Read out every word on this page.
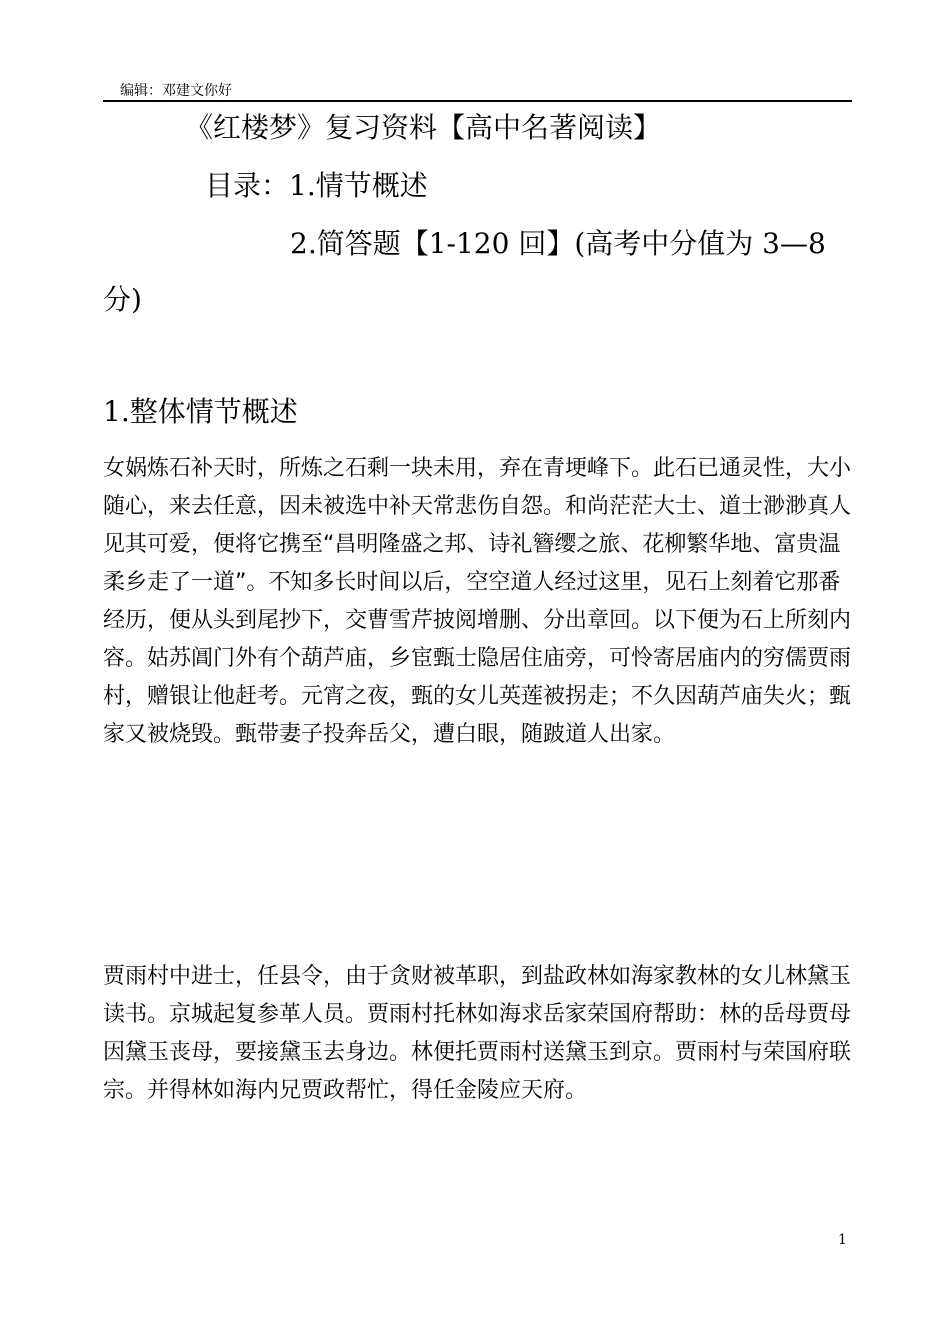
编辑：邓建文你好
《红楼梦》复习资料【高中名著阅读】
目录：1.情节概述
2.简答题【1-120 回】(高考中分值为 3—8
分)
1.整体情节概述
女娲炼石补天时，所炼之石剩一块未用，弃在青埂峰下。此石已通灵性，大小
随心，来去任意，因未被选中补天常悲伤自怨。和尚茫茫大士、道士渺渺真人
见其可爱，便将它携至“昌明隆盛之邦、诗礼簪缨之旅、花柳繁华地、富贵温
柔乡走了一道”。不知多长时间以后，空空道人经过这里，见石上刻着它那番
经历，便从头到尾抄下，交曹雪芹披阅增删、分出章回。以下便为石上所刻内
容。姑苏阊门外有个葫芦庙，乡宦甄士隐居住庙旁，可怜寄居庙内的穷儒贾雨
村，赠银让他赶考。元宵之夜，甄的女儿英莲被拐走；不久因葫芦庙失火；甄
家又被烧毁。甄带妻子投奔岳父，遭白眼，随跛道人出家。
贾雨村中进士，任县令，由于贪财被革职，到盐政林如海家教林的女儿林黛玉
读书。京城起复参革人员。贾雨村托林如海求岳家荣国府帮助：林的岳母贾母
因黛玉丧母，要接黛玉去身边。林便托贾雨村送黛玉到京。贾雨村与荣国府联
宗。并得林如海内兄贾政帮忙，得任金陵应天府。
1
